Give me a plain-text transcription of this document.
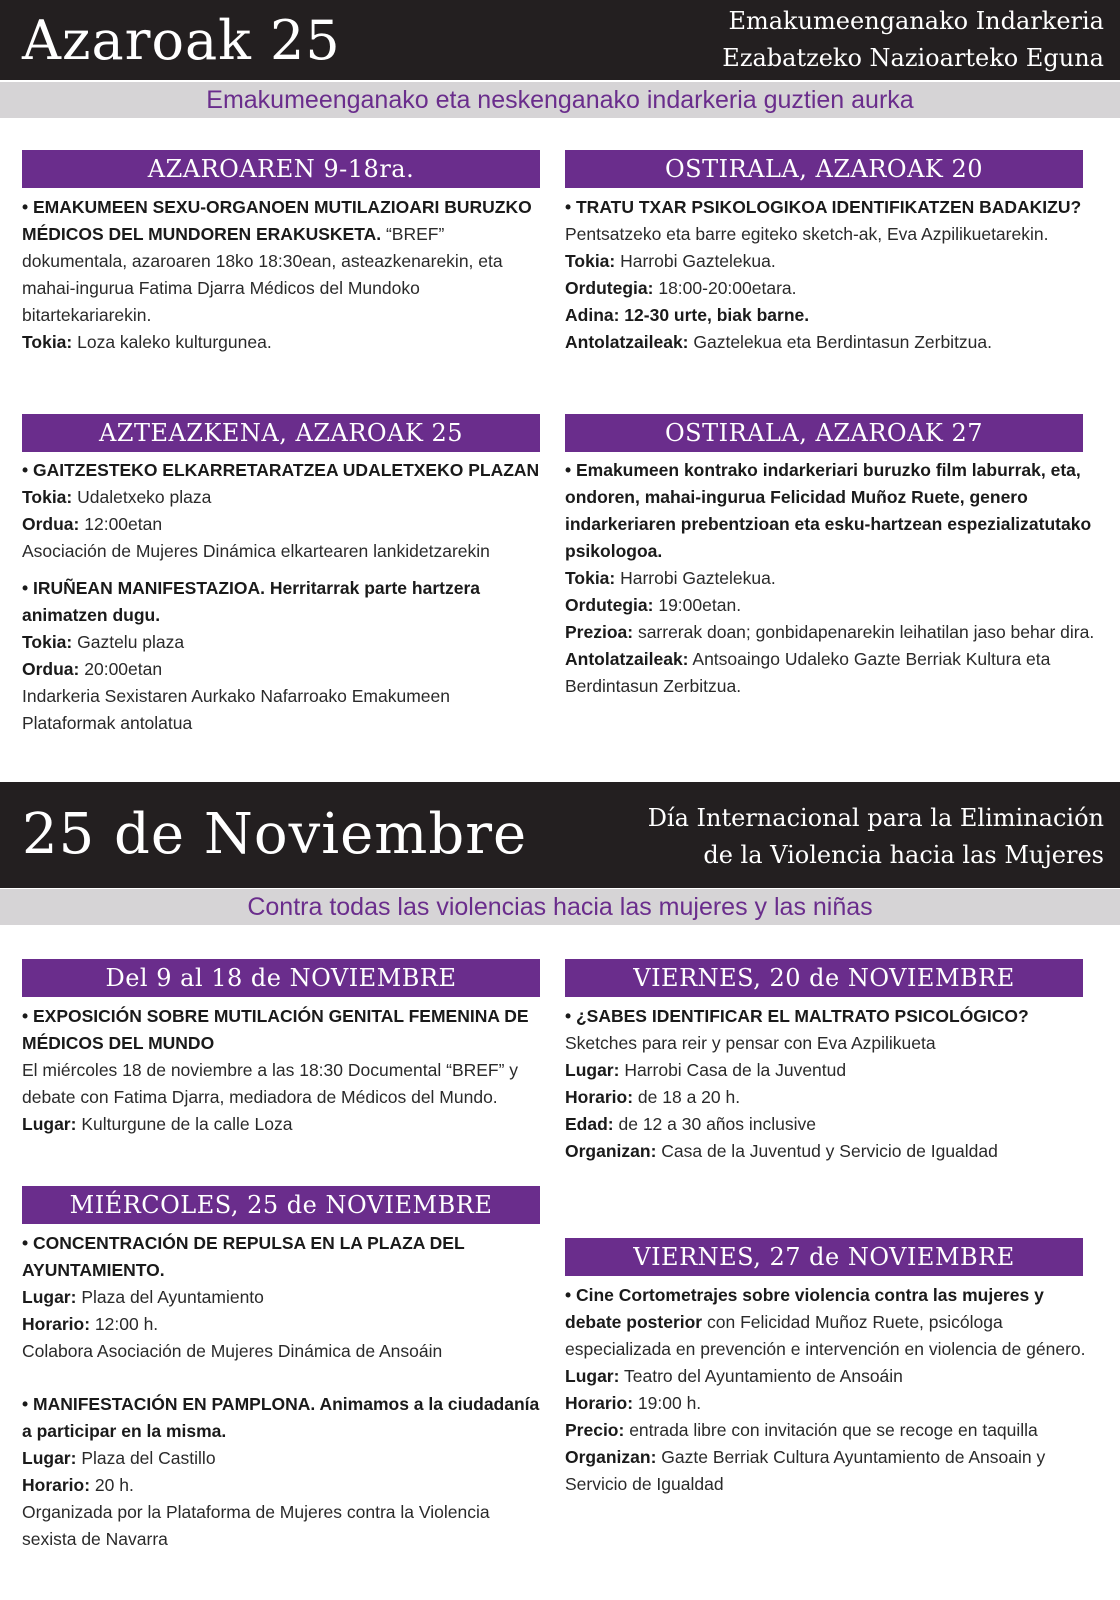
Azaroak 25	Emakumeenganako Indarkeria
Ezabatzeko Nazioarteko Eguna
Emakumeenganako eta neskenganako indarkeria guztien aurka
AZAROAREN 9-18ra.

• EMAKUMEEN SEXU-ORGANOEN MUTILAZIOARI BURUZKO MÉDICOS DEL MUNDOREN ERAKUSKETA. “BREF” dokumentala, azaroaren 18ko 18:30ean, asteazkenarekin, eta mahai-ingurua Fatima Djarra Médicos del Mundoko bitartekariarekin.

Tokia: Loza kaleko kulturgunea.

OSTIRALA, AZAROAK 20

• TRATU TXAR PSIKOLOGIKOA IDENTIFIKATZEN BADAKIZU?

Pentsatzeko eta barre egiteko sketch-ak, Eva Azpilikuetarekin.

Tokia: Harrobi Gaztelekua.

Ordutegia: 18:00-20:00etara.

Adina: 12-30 urte, biak barne.

Antolatzaileak: Gaztelekua eta Berdintasun Zerbitzua.

AZTEAZKENA, AZAROAK 25

• GAITZESTEKO ELKARRETARATZEA UDALETXEKO PLAZAN

Tokia: Udaletxeko plaza

Ordua: 12:00etan

Asociación de Mujeres Dinámica elkartearen lankidetzarekin

• IRUÑEAN MANIFESTAZIOA. Herritarrak parte hartzera animatzen dugu.

Tokia: Gaztelu plaza

Ordua: 20:00etan

Indarkeria Sexistaren Aurkako Nafarroako Emakumeen Plataformak antolatua

OSTIRALA, AZAROAK 27

• Emakumeen kontrako indarkeriari buruzko film laburrak, eta, ondoren, mahai-ingurua Felicidad Muñoz Ruete, genero indarkeriaren prebentzioan eta esku-hartzean espezializatutako psikologoa.

Tokia: Harrobi Gaztelekua.

Ordutegia: 19:00etan.

Prezioa: sarrerak doan; gonbidapenarekin leihatilan jaso behar dira.

Antolatzaileak: Antsoaingo Udaleko Gazte Berriak Kultura eta Berdintasun Zerbitzua.

25 de Noviembre	Día Internacional para la Eliminación
de la Violencia hacia las Mujeres
Contra todas las violencias hacia las mujeres y las niñas
Del 9 al 18 de NOVIEMBRE

• EXPOSICIÓN SOBRE MUTILACIÓN GENITAL FEMENINA DE MÉDICOS DEL MUNDO

El miércoles 18 de noviembre a las 18:30 Documental “BREF” y debate con Fatima Djarra, mediadora de Médicos del Mundo.

Lugar: Kulturgune de la calle Loza

VIERNES, 20 de NOVIEMBRE

• ¿SABES IDENTIFICAR EL MALTRATO PSICOLÓGICO?

Sketches para reir y pensar con Eva Azpilikueta

Lugar: Harrobi Casa de la Juventud

Horario: de 18 a 20 h.

Edad: de 12 a 30 años inclusive

Organizan: Casa de la Juventud y Servicio de Igualdad

MIÉRCOLES, 25 de NOVIEMBRE

• CONCENTRACIÓN DE REPULSA EN LA PLAZA DEL AYUNTAMIENTO.

Lugar: Plaza del Ayuntamiento

Horario: 12:00 h.

Colabora Asociación de Mujeres Dinámica de Ansoáin

• MANIFESTACIÓN EN PAMPLONA. Animamos a la ciudadanía a participar en la misma.

Lugar: Plaza del Castillo

Horario: 20 h.

Organizada por la Plataforma de Mujeres contra la Violencia sexista de Navarra

VIERNES, 27 de NOVIEMBRE

• Cine Cortometrajes sobre violencia contra las mujeres y debate posterior con Felicidad Muñoz Ruete, psicóloga especializada en prevención e intervención en violencia de género.

Lugar: Teatro del Ayuntamiento de Ansoáin

Horario: 19:00 h.

Precio: entrada libre con invitación que se recoge en taquilla

Organizan: Gazte Berriak Cultura Ayuntamiento de Ansoain y Servicio de Igualdad
